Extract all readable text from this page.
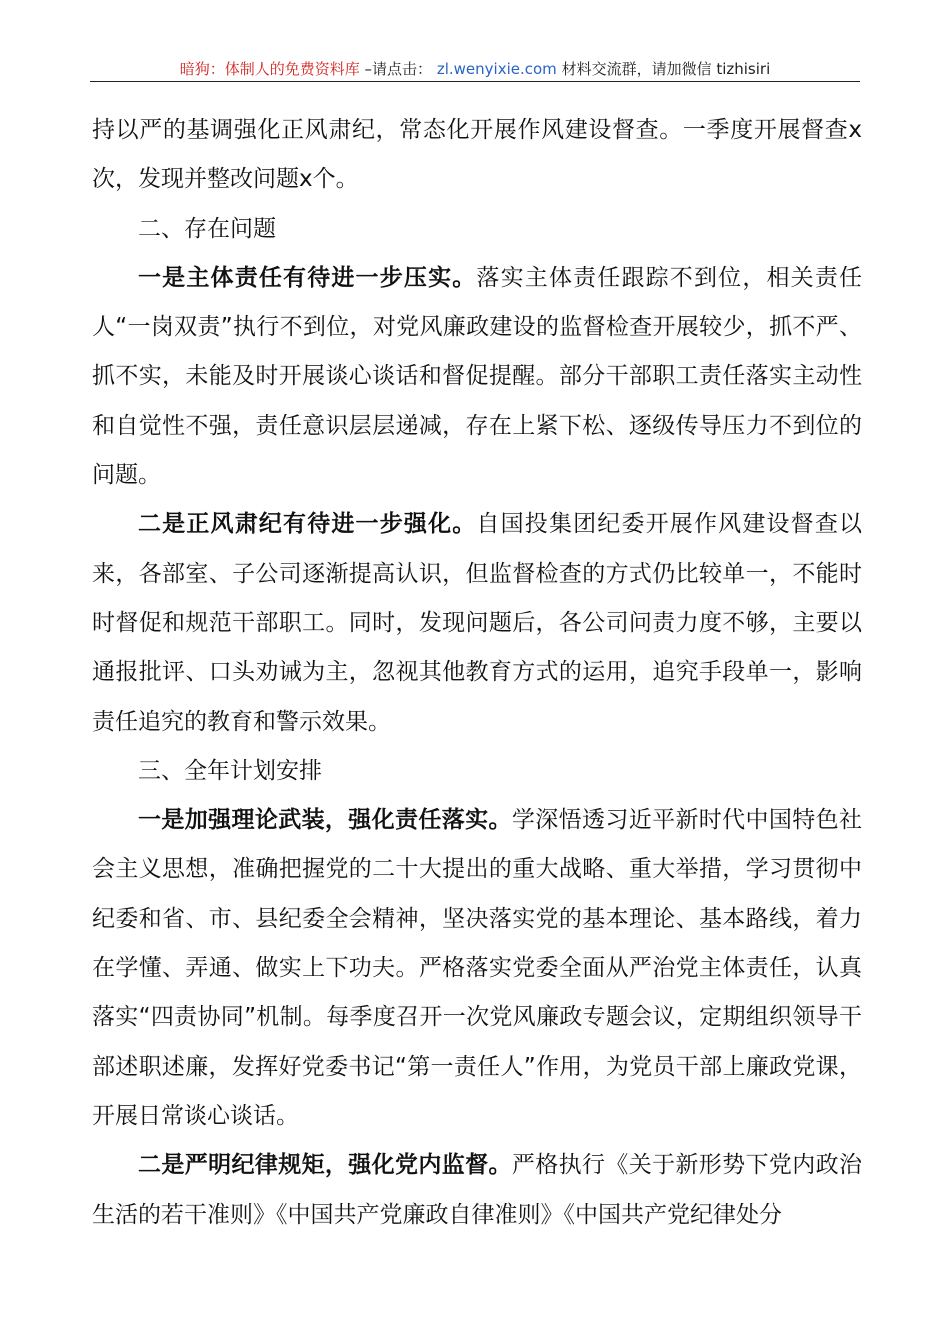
暗狗：体制人的免费资料库 –请点击： zl.wenyixie.com 材料交流群，请加微信 tizhisiri

持以严的基调强化正风肃纪，常态化开展作风建设督查。一季度开展督查x次，发现并整改问题x个。

二、存在问题

一是主体责任有待进一步压实。落实主体责任跟踪不到位，相关责任人“一岗双责”执行不到位，对党风廉政建设的监督检查开展较少，抓不严、抓不实，未能及时开展谈心谈话和督促提醒。部分干部职工责任落实主动性和自觉性不强，责任意识层层递减，存在上紧下松、逐级传导压力不到位的问题。

二是正风肃纪有待进一步强化。自国投集团纪委开展作风建设督查以来，各部室、子公司逐渐提高认识，但监督检查的方式仍比较单一，不能时时督促和规范干部职工。同时，发现问题后，各公司问责力度不够，主要以通报批评、口头劝诫为主，忽视其他教育方式的运用，追究手段单一，影响责任追究的教育和警示效果。

三、全年计划安排

一是加强理论武装，强化责任落实。学深悟透习近平新时代中国特色社会主义思想，准确把握党的二十大提出的重大战略、重大举措，学习贯彻中纪委和省、市、县纪委全会精神，坚决落实党的基本理论、基本路线，着力在学懂、弄通、做实上下功夫。严格落实党委全面从严治党主体责任，认真落实“四责协同”机制。每季度召开一次党风廉政专题会议，定期组织领导干部述职述廉，发挥好党委书记“第一责任人”作用，为党员干部上廉政党课，开展日常谈心谈话。

二是严明纪律规矩，强化党内监督。严格执行《关于新形势下党内政治生活的若干准则》《中国共产党廉政自律准则》《中国共产党纪律处分
